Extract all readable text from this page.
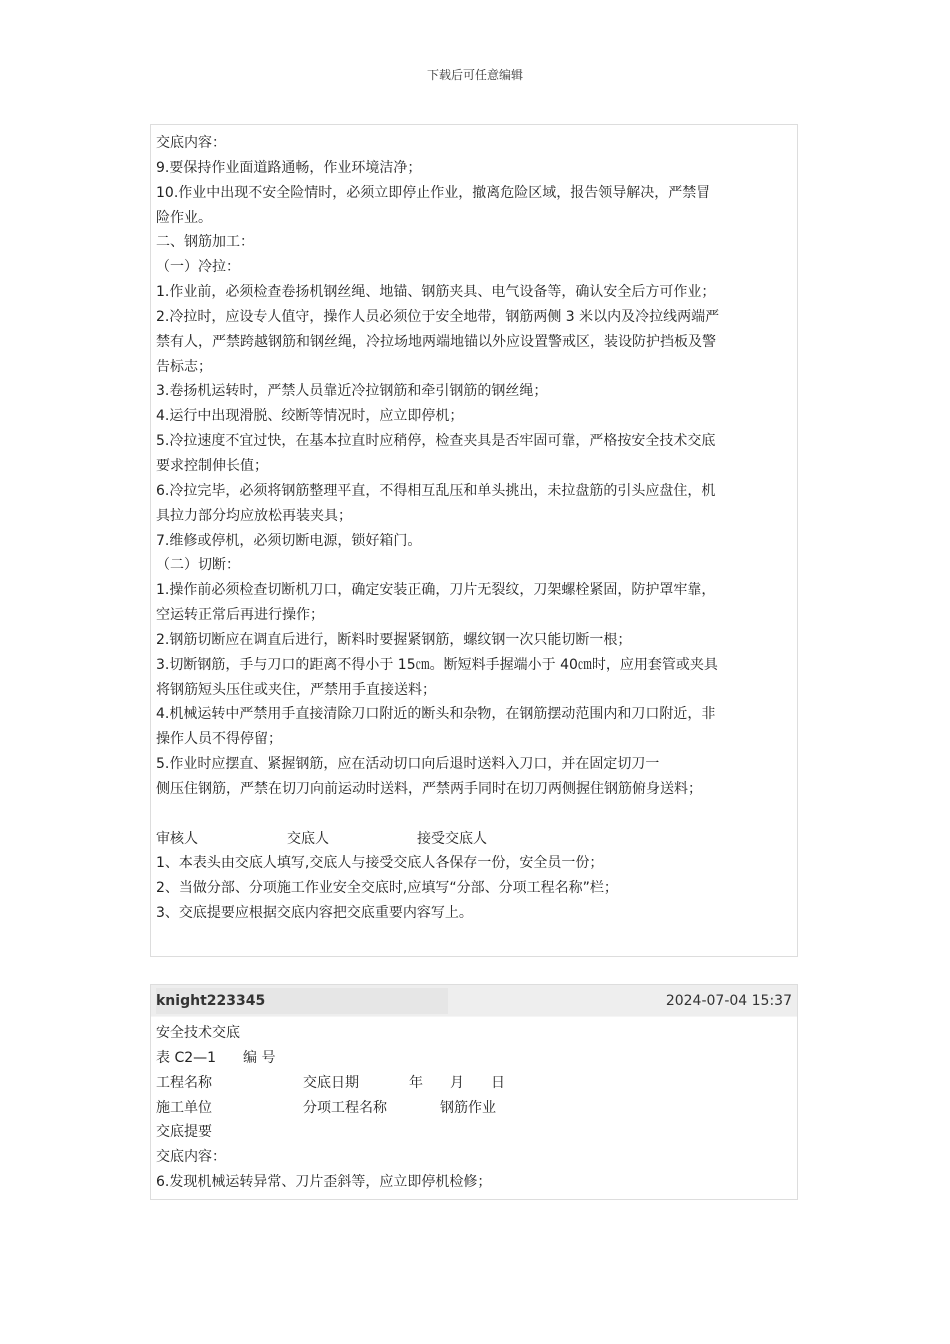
下载后可任意编辑
交底内容：
9.要保持作业面道路通畅，作业环境洁净；
10.作业中出现不安全险情时，必须立即停止作业，撤离危险区域，报告领导解决，严禁冒
险作业。
二、钢筋加工：
（一）冷拉：
1.作业前，必须检查卷扬机钢丝绳、地锚、钢筋夹具、电气设备等，确认安全后方可作业；
2.冷拉时，应设专人值守，操作人员必须位于安全地带，钢筋两侧 3 米以内及冷拉线两端严
禁有人，严禁跨越钢筋和钢丝绳，冷拉场地两端地锚以外应设置警戒区，装设防护挡板及警
告标志；
3.卷扬机运转时，严禁人员靠近冷拉钢筋和牵引钢筋的钢丝绳；
4.运行中出现滑脱、绞断等情况时，应立即停机；
5.冷拉速度不宜过快，在基本拉直时应稍停，检查夹具是否牢固可靠，严格按安全技术交底
要求控制伸长值；
6.冷拉完毕，必须将钢筋整理平直，不得相互乱压和单头挑出，未拉盘筋的引头应盘住，机
具拉力部分均应放松再装夹具；
7.维修或停机，必须切断电源，锁好箱门。
（二）切断：
1.操作前必须检查切断机刀口，确定安装正确，刀片无裂纹，刀架螺栓紧固，防护罩牢靠，
空运转正常后再进行操作；
2.钢筋切断应在调直后进行，断料时要握紧钢筋，螺纹钢一次只能切断一根；
3.切断钢筋，手与刀口的距离不得小于 15㎝。断短料手握端小于 40㎝时，应用套管或夹具
将钢筋短头压住或夹住，严禁用手直接送料；
4.机械运转中严禁用手直接清除刀口附近的断头和杂物，在钢筋摆动范围内和刀口附近，非
操作人员不得停留；
5.作业时应摆直、紧握钢筋，应在活动切口向后退时送料入刀口，并在固定切刀一
侧压住钢筋，严禁在切刀向前运动时送料，严禁两手同时在切刀两侧握住钢筋俯身送料；
审核人	交底人	接受交底人
1、本表头由交底人填写,交底人与接受交底人各保存一份，安全员一份；
2、当做分部、分项施工作业安全交底时,应填写“分部、分项工程名称”栏；
3、交底提要应根据交底内容把交底重要内容写上。
knight223345	2024-07-04 15:37
安全技术交底
表 C2—1 编 号
工程名称	交底日期	年 月 日
施工单位	分项工程名称	钢筋作业
交底提要
交底内容：
6.发现机械运转异常、刀片歪斜等，应立即停机检修；
